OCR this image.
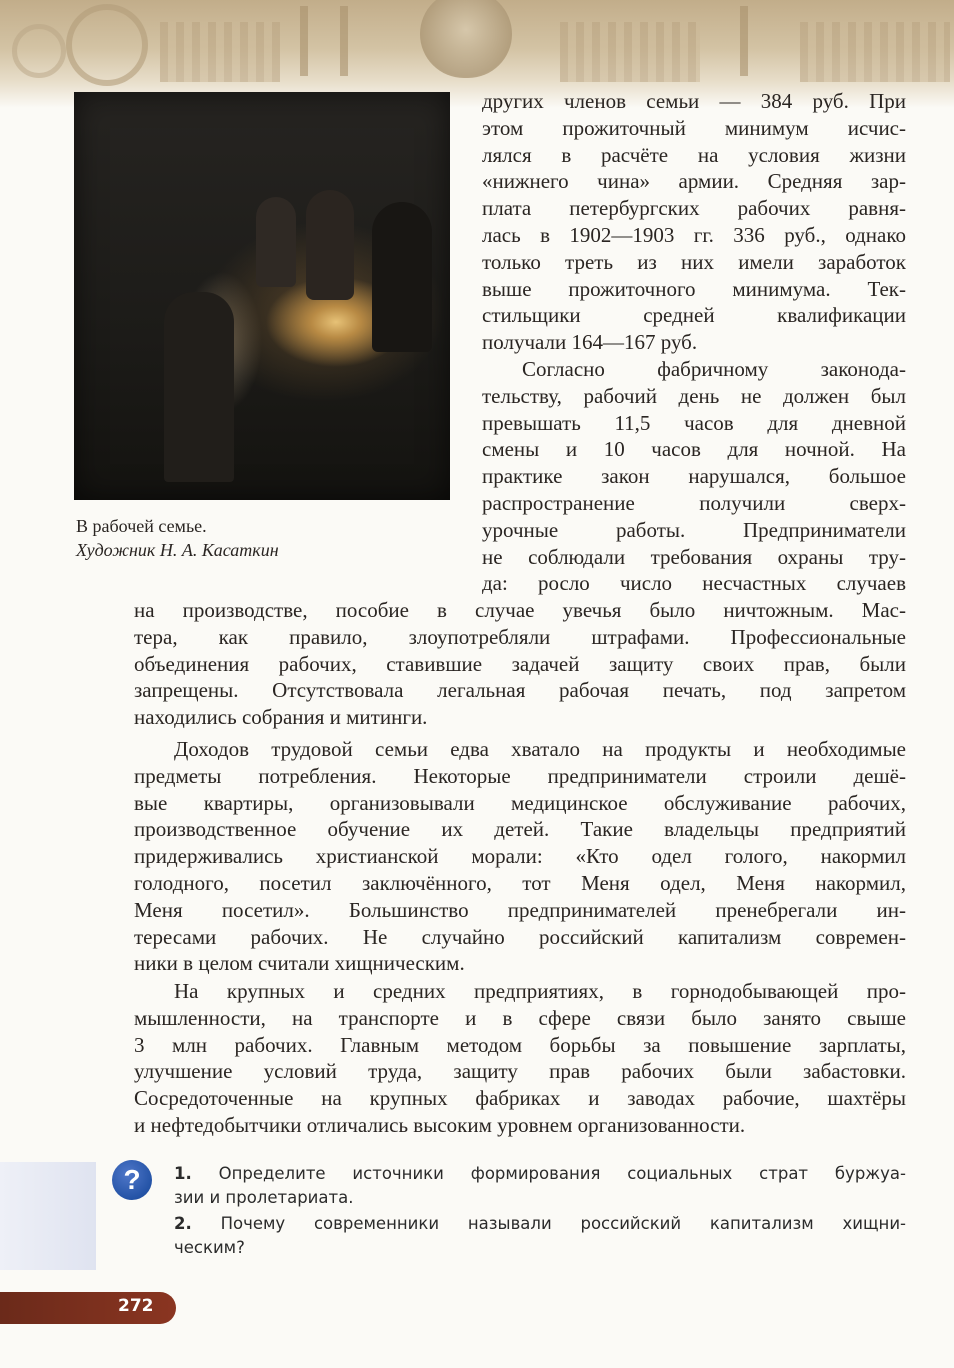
В рабочей семье.
Художник Н. А. Касаткин
других членов семьи — 384 руб. При
этом прожиточный минимум исчис-
лялся в расчёте на условия жизни
«нижнего чина» армии. Средняя зар-
плата петербургских рабочих равня-
лась в 1902—1903 гг. 336 руб., однако
только треть из них имели заработок
выше прожиточного минимума. Тек-
стильщики средней квалификации
получали 164—167 руб.
Согласно фабричному законода-
тельству, рабочий день не должен был
превышать 11,5 часов для дневной
смены и 10 часов для ночной. На
практике закон нарушался, большое
распространение получили сверх-
урочные работы. Предприниматели
не соблюдали требования охраны тру-
да: росло число несчастных случаев
на производстве, пособие в случае увечья было ничтожным. Мас-
тера, как правило, злоупотребляли штрафами. Профессиональные
объединения рабочих, ставившие задачей защиту своих прав, были
запрещены. Отсутствовала легальная рабочая печать, под запретом
находились собрания и митинги.
Доходов трудовой семьи едва хватало на продукты и необходимые
предметы потребления. Некоторые предприниматели строили дешё-
вые квартиры, организовывали медицинское обслуживание рабочих,
производственное обучение их детей. Такие владельцы предприятий
придерживались христианской морали: «Кто одел голого, накормил
голодного, посетил заключённого, тот Меня одел, Меня накормил,
Меня посетил». Большинство предпринимателей пренебрегали ин-
тересами рабочих. Не случайно российский капитализм современ-
ники в целом считали хищническим.
На крупных и средних предприятиях, в горнодобывающей про-
мышленности, на транспорте и в сфере связи было занято свыше
3 млн рабочих. Главным методом борьбы за повышение зарплаты,
улучшение условий труда, защиту прав рабочих были забастовки.
Сосредоточенные на крупных фабриках и заводах рабочие, шахтёры
и нефтедобытчики отличались высоким уровнем организованности.
?	1. Определите источники формирования социальных страт буржуа-
зии и пролетариата.
2. Почему современники называли российский капитализм хищни-
ческим?
272
